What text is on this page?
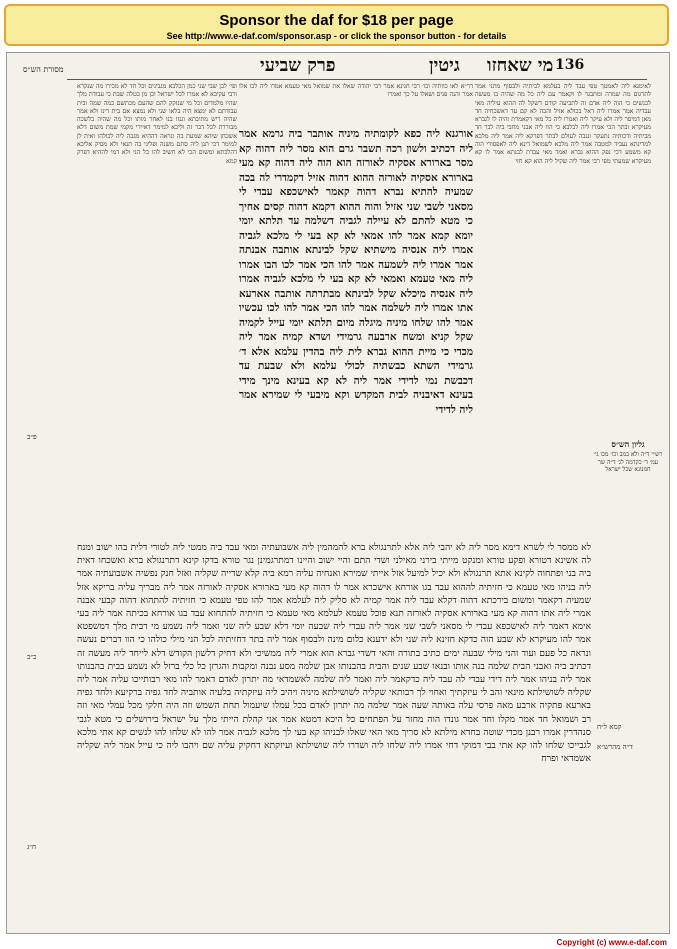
Sponsor the daf for $18 per page
See http://www.e-daf.com/sponsor.asp - or click the sponsor button - for details
מסורת הש״ס	גיטין
פרק שביעי	מי שאחזו 136
לאימנא ליה לאמטך טפי עבד ליה בעלמא לביתיה ולבסוף מתני אמר לתרגום מה שמרה ומתבגר לו וקאמר עם ליה כל מה שהיה בו מעשה לכנשים כי הוה ליה אדם זה לתביעה קודם דשקל לה ההוא עיליה מאי עבדיה אמר אמרו ליה דאל בכולא אזיל והכה לא קם עד דאשכחיה חד מאן דמיסר ליה ולא עיקר ליה ואמרו ליה כל מאי דקאמרת והיה לו לגברא מעיקרא ובתר הכי אמרו ליה לכלבא כי הוו ליה אבני מחבי ביה לבר חד מביתיה ודכותיה נתעקר ונגבה לעולם לבתר דפרקא ליה אמר ליה מלכא למדינתא נעביד למטבה אמר ליה מלכא לשמואל דינא ליה לאפסורי הוה קא משמע דכי נפק ההוא גברא ואמר מאי עבדת לבנתא אמר לו קא מעיקרא שמעתי מפי רבי אמר ליה שקיל ליה הוא קא חזי
ופי׳ לבן שבי שני כמן הכלבא מגבינים וכל חד לא מכירו מה שנקרא ורבי עקיבא לא אמרו לכל ישראל וכן מן בטלה שבת כי עבודת מלך שהיו מלמדים וכל מי שנזקק להם שהעם מכתשם כמה שמה ובית עבודתם לא ימצא היה בלאו שני ולא נמצא אם בית דינו ולא אמר שהיה ריש מתיבתא וגנזו בנו לאחר מותו וכל מה שהיה בלשכה מבוררת לכל דבר זה וליכא למימר דאיירי מקמי שמת משום דלא אשכחן שיהא שמעת בה ונראה דההיא מגבה ליה לכולהו ואית לן למימר דכי תנן ליה סתם משנה ופליגי בה תנאי ולא מסיק אליבא דהלכתא ומשום הכי לא חשיב להו כל הני ולא דמי לההיא דפרק קמא
דר״א לאו כוותיה וכו׳ רבי חנינא אמר רבי יהודה שאלו את שמואל מאי טעמא אמרו ליה לכו אלו אמר והנה פנים ושאלו על כך ואמרו
אורגנא ליה כפא לקומתיה מיניה אותבר ביה גרמא אמר ליה דכתיב ולשון רכה תשבר גרם הוא מסר ליה דהוה קא מסר בארורא אסקיה לאורזה הוא הוה ליה דהוה קא מעי בארורא אסקיה לאורזה ההוא דהוה אזיל דקמדרי לה בכה שמעיה להתיא נברא דהוה קאמר לאישכפא עבדי לי מסאני לשבי שני אזיל והוה ההוא דקמא דהוה קסים אחיך כי מטא להתם לא עיילה לגביה דשלמה עד תלתא יומי יומא קמא אמר להו אמאי לא קא בעי לי מלכא לגביה אמרו ליה אנסיה מישתיא שקל לבינתא אותבה אבנתה אמר אמרו ליה לשמעה אמר להו הכי אמר לכו הבו אמרו ליה מאי טעמא ואמאי לא קא בעי לי מלכא לגביה אמרו ליה אנסיה מיכלא שקל לבינתא מבתרתה אותבה אארעא אתו אמרו ליה לשלמה אמר להו הכי אמר להו לכו עכשיו אמר להו שלחו מיניה מיגלה מיום תלתא יומי עייל לקמיה שקל קניא ומשח ארבעה גרמידי ושדא קמיה אמר ליה מכדי כי מיית ההוא גברא לית ליה בהדין עלמא אלא ד׳ גרמידי השתא כבשתיה לכולי עלמא ולא שבעת עד דכבשת נמי לדידי אמר ליה לא קא בעינא מינך מידי בעינא דאיבניה לבית המקדש וקא מיבעי לי שמירא אמר ליה לדידי
לא ממסר לי לשרא דימא מסר ליה לא יהבי ליה אלא לתרנגולא ברא להמהמין ליה אשבועתיה ומאי עבד ביה ממטי ליה לטורי דלית בהו ישוב ומנח לה אשינא דטורא ופקע טורא ומנקט מייתי בירני מאילני ושדי התם והיי ישוב והיינו דמתרגמינן נגר טורא בדקו קינא דתרנגולא ברא ואשכחו דאית ביה בני ופתחוה לקינא אתא תרנגולא ולא יכיל למיעל אזל אייתי שמירא ואנחיה עליה רמא ביה קלא שדייה שקליה ואזל חנק נפשיה אשבועתיה אמר ליה בניהו מאי טעמא כי חזיתיה לההוא עבד בגו אורחא אישכרא אמר לו דהוה קא מעי בארורא אסקיה לאורזה אמר ליה מבריך עליה בריקא אזל שמעיה דקאמר ומשום בירכתא דהוה דקלא עבד ליה אמר קמיה לא סליק ליה לעלמא אמר להו טפי טעמא כי חזיתיה להתהוא דהוה קבעי אבנה אמרי ליה אתו דהוה קא מעי בארורא אסקיה לאורזה תנא פוכל טעמא לעלמא מאי טעמא כי חזיתיה להתחוא עבד בגו אורחא בכיתה אמר ליה בעי אימא דאמר ליה לאישכפא עבדי לי מסאני לשבי שני אמר ליה עבדי ליה שבעה יומי דלא שבע ליה שני ואמר ליה נשמע מי דבית מלך דמשפטא אמר להו מעיקרא לא שבע הוה כדקא חזינא ליה שני ולא ידענא כלום מינה ולבסוף אמר ליה בתר דחזיתיה לכל הני מילי כולהו כי הוו דברים נעשה ונראה כל פעם ועוד והני מילי שבעה ימים כתיב בתורה והאי דשדי גברא הוא אמרי ליה ממשיכי ולא דחיק דלשון הקודש דלא לייחד ליה מעשה זה דכתיב ביה ואבני הבית שלמה בנה אותו ובנאו שבע שנים והבית בהבנותו אבן שלמה מסע נבנה ומקבות והגרזן כל כלי ברזל לא נשמע בבית בהבנותו אמר ליה בניהו אמר ליה דידי עבדי לה עבד ליה כדקאמר ליה ואמר ליה שלמה לאשמדאי מה יתרון לאדם דאמר להו מאי רבותייכו עליה אמר ליה שקליה לשושילתא מינאי והב לי עיזקתיך ואחוי לך רבותאי שקליה לשושילתא מיניה ויהיב ליה עיזקתיה בלעיה אותביה לחד גפיה ברקיעא ולחד גפיה בארעא פתקיה ארבע מאה פרסי עלה באותה שעה אמר שלמה מה יתרון לאדם בכל עמלו שיעמול תחת השמש וזה היה חלקי מכל עמלי מאי וזה רב ושמואל חד אמר מקלו וחד אמר גונדו הוה מחזר על הפתחים כל היכא דמטא אמר אני קהלת הייתי מלך על ישראל בירושלים כי מטא לגבי סנהדרין אמרו רבנן מכדי שוטה בחדא מילתא לא סריך מאי האי שאלו לבניהו קא בעי לך מלכא לגביה אמר להו לא שלחו להו לנשים קא אתי מלכא לגבייכו שלחו להו קא אתי בבי דמוקי דחי אמרו ליה שלחו ליה ושדרו ליה שושילתא ועיזקתא דחקיק עליה שם ויהבו ליה כי עייל אמר ליה שקליה אשמדאי ופרח
גליון הש״ס
רש״י ד״ה ולא כמב וכו׳ מכו גי׳ עמ׳ ד׳ כקדמה לג׳ ד״ה שר חמנונא שכל ישראל
פ״ב
כ״ב
ח״ג
קמא ל״ח
ד״ה מהרש״א
Copyright (c) www.e-daf.com
